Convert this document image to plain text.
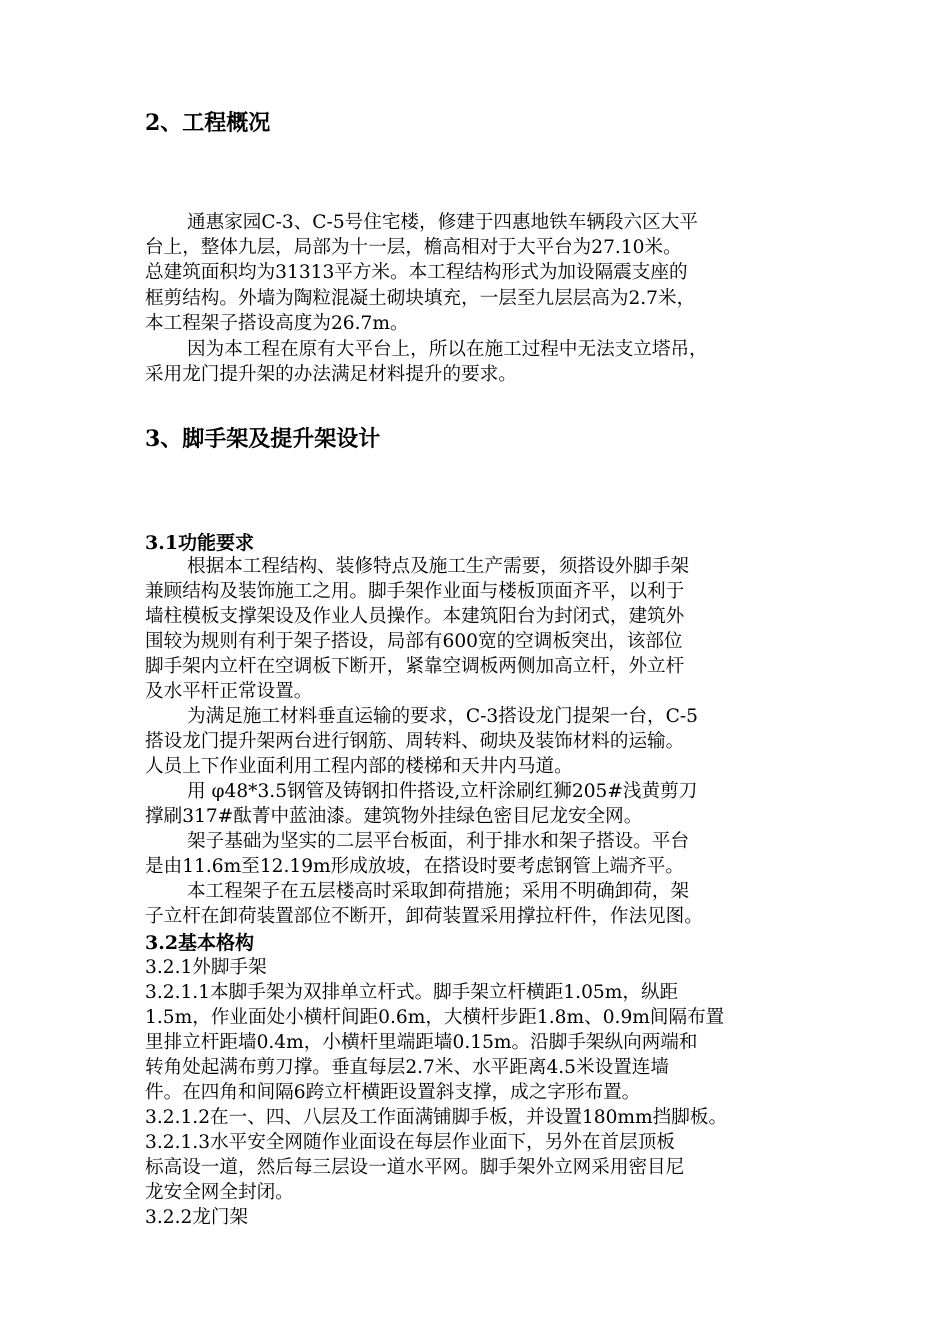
2、工程概况
通惠家园C-3、C-5号住宅楼，修建于四惠地铁车辆段六区大平
台上，整体九层，局部为十一层，檐高相对于大平台为27.10米。
总建筑面积均为31313平方米。本工程结构形式为加设隔震支座的
框剪结构。外墙为陶粒混凝土砌块填充，一层至九层层高为2.7米，
本工程架子搭设高度为26.7m。
因为本工程在原有大平台上，所以在施工过程中无法支立塔吊，
采用龙门提升架的办法满足材料提升的要求。
3、脚手架及提升架设计
3.1功能要求
根据本工程结构、装修特点及施工生产需要，须搭设外脚手架
兼顾结构及装饰施工之用。脚手架作业面与楼板顶面齐平，以利于
墙柱模板支撑架设及作业人员操作。本建筑阳台为封闭式，建筑外
围较为规则有利于架子搭设，局部有600宽的空调板突出，该部位
脚手架内立杆在空调板下断开，紧靠空调板两侧加高立杆，外立杆
及水平杆正常设置。
为满足施工材料垂直运输的要求，C-3搭设龙门提架一台，C-5
搭设龙门提升架两台进行钢筋、周转料、砌块及装饰材料的运输。
人员上下作业面利用工程内部的楼梯和天井内马道。
用 φ48*3.5钢管及铸钢扣件搭设,立杆涂刷红狮205#浅黄剪刀
撑刷317#酞菁中蓝油漆。建筑物外挂绿色密目尼龙安全网。
架子基础为坚实的二层平台板面，利于排水和架子搭设。平台
是由11.6m至12.19m形成放坡，在搭设时要考虑钢管上端齐平。
本工程架子在五层楼高时采取卸荷措施；采用不明确卸荷，架
子立杆在卸荷装置部位不断开，卸荷装置采用撑拉杆件，作法见图。
3.2基本格构
3.2.1外脚手架
3.2.1.1本脚手架为双排单立杆式。脚手架立杆横距1.05m，纵距
1.5m，作业面处小横杆间距0.6m，大横杆步距1.8m、0.9m间隔布置
里排立杆距墙0.4m，小横杆里端距墙0.15m。沿脚手架纵向两端和
转角处起满布剪刀撑。垂直每层2.7米、水平距离4.5米设置连墙
件。在四角和间隔6跨立杆横距设置斜支撑，成之字形布置。
3.2.1.2在一、四、八层及工作面满铺脚手板，并设置180mm挡脚板。
3.2.1.3水平安全网随作业面设在每层作业面下，另外在首层顶板
标高设一道，然后每三层设一道水平网。脚手架外立网采用密目尼
龙安全网全封闭。
3.2.2龙门架
